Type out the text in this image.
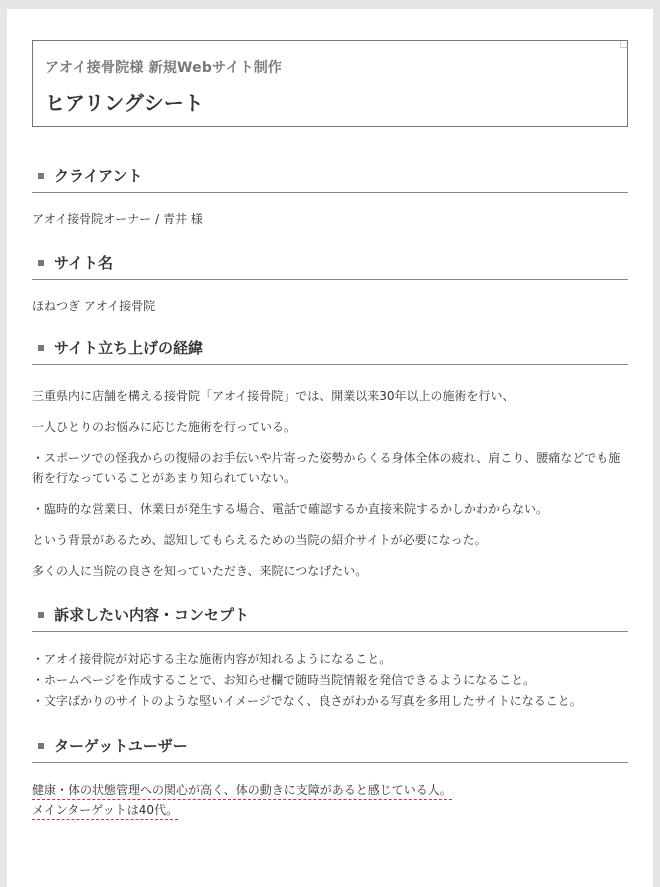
アオイ接骨院様 新規Webサイト制作
ヒアリングシート
クライアント
アオイ接骨院オーナー / 青井 様
サイト名
ほねつぎ アオイ接骨院
サイト立ち上げの経緯
三重県内に店舗を構える接骨院「アオイ接骨院」では、開業以来30年以上の施術を行い、
一人ひとりのお悩みに応じた施術を行っている。
・スポーツでの怪我からの復帰のお手伝いや片寄った姿勢からくる身体全体の疲れ、肩こり、腰痛などでも施術を行なっていることがあまり知られていない。
・臨時的な営業日、休業日が発生する場合、電話で確認するか直接来院するかしかわからない。
という背景があるため、認知してもらえるための当院の紹介サイトが必要になった。
多くの人に当院の良さを知っていただき、来院につなげたい。
訴求したい内容・コンセプト
・アオイ接骨院が対応する主な施術内容が知れるようになること。
・ホームページを作成することで、お知らせ欄で随時当院情報を発信できるようになること。
・文字ばかりのサイトのような堅いイメージでなく、良さがわかる写真を多用したサイトになること。
ターゲットユーザー
健康・体の状態管理への関心が高く、体の動きに支障があると感じている人。
メインターゲットは40代。
